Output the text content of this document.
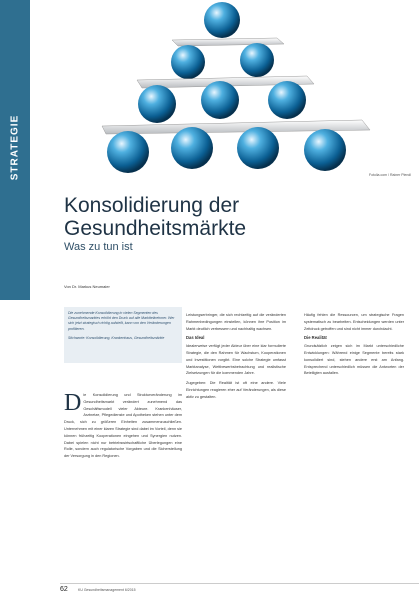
STRATEGIE	Fotolia.com / Rainer Plendl
Konsolidierung der Gesundheitsmärkte
Was zu tun ist
Von Dr. Markus Neumaier

Die zunehmende Konsolidierung in vielen Segmenten des Gesundheitsmarktes erhöht den Druck auf alle Marktteilnehmer. Wer sich jetzt strategisch richtig aufstellt, kann von den Veränderungen profitieren.

Stichworte: Konsolidierung, Krankenhaus, Gesundheitsmärkte

D ie Konsolidierung und Strukturveränderung im Gesundheitsmarkt verändert zunehmend das Geschäftsmodell vieler Akteure. Krankenhäuser, Arztnetze, Pflegedienste und Apotheken stehen unter dem Druck, sich zu größeren Einheiten zusammenzuschließen. Unternehmen mit einer klaren Strategie sind dabei im Vorteil, denn sie können frühzeitig Kooperationen eingehen und Synergien nutzen. Dabei spielen nicht nur betriebswirtschaftliche Überlegungen eine Rolle, sondern auch regulatorische Vorgaben und die Sicherstellung der Versorgung in den Regionen.

Leistungserbringer, die sich rechtzeitig auf die veränderten Rahmenbedingungen einstellen, können ihre Position im Markt deutlich verbessern und nachhaltig wachsen.

Das Ideal

Idealerweise verfügt jeder Akteur über eine klar formulierte Strategie, die den Rahmen für Wachstum, Kooperationen und Investitionen vorgibt. Eine solche Strategie umfasst Marktanalyse, Wettbewerbsbetrachtung und realistische Zielsetzungen für die kommenden Jahre.

Zugegeben: Die Realität ist oft eine andere. Viele Einrichtungen reagieren eher auf Veränderungen, als diese aktiv zu gestalten.

Häufig fehlen die Ressourcen, um strategische Fragen systematisch zu bearbeiten. Entscheidungen werden unter Zeitdruck getroffen und sind nicht immer durchdacht.

Die Realität

Grundsätzlich zeigen sich im Markt unterschiedliche Entwicklungen: Während einige Segmente bereits stark konsolidiert sind, stehen andere erst am Anfang. Entsprechend unterschiedlich müssen die Antworten der Beteiligten ausfallen.

62	KU Gesundheitsmanagement 6/2015
